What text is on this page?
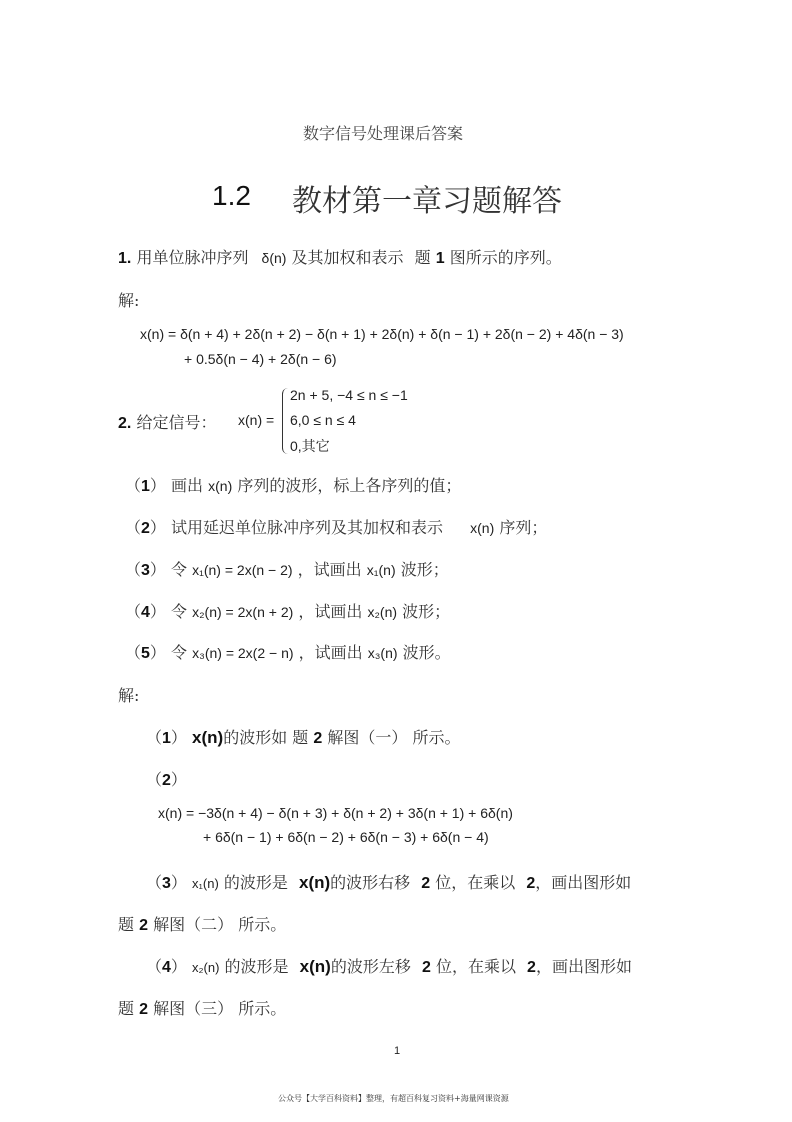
数字信号处理课后答案
1.2 教材第一章习题解答
1. 用单位脉冲序列 δ(n) 及其加权和表示 题 1 图所示的序列。
解:
x(n) = δ(n + 4) + 2δ(n + 2) − δ(n + 1) + 2δ(n) + δ(n − 1) + 2δ(n − 2) + 4δ(n − 3)
+ 0.5δ(n − 4) + 2δ(n − 6)
2. 给定信号： x(n) =
2n + 5, −4 ≤ n ≤ −1
6,0 ≤ n ≤ 4
0,其它
（1） 画出 x(n) 序列的波形，标上各序列的值；
（2） 试用延迟单位脉冲序列及其加权和表示 x(n) 序列；
（3） 令 x₁(n) = 2x(n − 2) ，试画出 x₁(n) 波形；
（4） 令 x₂(n) = 2x(n + 2) ，试画出 x₂(n) 波形；
（5） 令 x₃(n) = 2x(2 − n) ，试画出 x₃(n) 波形。
解:
（1） x(n)的波形如 题 2 解图（一） 所示。
（2）
x(n) = −3δ(n + 4) − δ(n + 3) + δ(n + 2) + 3δ(n + 1) + 6δ(n)
+ 6δ(n − 1) + 6δ(n − 2) + 6δ(n − 3) + 6δ(n − 4)
（3） x₁(n) 的波形是 x(n)的波形右移 2 位，在乘以 2，画出图形如
题 2 解图（二） 所示。
（4） x₂(n) 的波形是 x(n)的波形左移 2 位，在乘以 2，画出图形如
题 2 解图（三） 所示。
1
公众号【大学百科资料】整理，有超百科复习资料+海量网课资源
